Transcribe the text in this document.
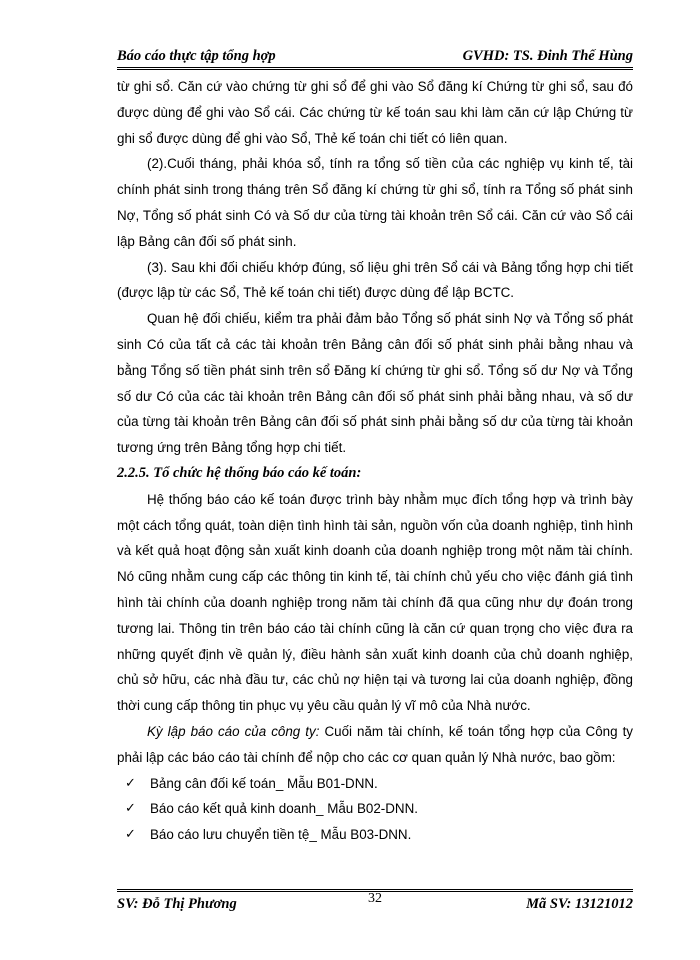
Báo cáo thực tập tổng hợp	GVHD: TS. Đinh Thế Hùng

từ ghi sổ. Căn cứ vào chứng từ ghi sổ để ghi vào Sổ đăng kí Chứng từ ghi sổ, sau đó được dùng để ghi vào Sổ cái. Các chứng từ kế toán sau khi làm căn cứ lập Chứng từ ghi sổ được dùng để ghi vào Sổ, Thẻ kế toán chi tiết có liên quan.

(2).Cuối tháng, phải khóa sổ, tính ra tổng số tiền của các nghiệp vụ kinh tế, tài chính phát sinh trong tháng trên Sổ đăng kí chứng từ ghi sổ, tính ra Tổng số phát sinh Nợ, Tổng số phát sinh Có và Số dư của từng tài khoản trên Sổ cái. Căn cứ vào Sổ cái lập Bảng cân đối số phát sinh.

(3). Sau khi đối chiếu khớp đúng, số liệu ghi trên Sổ cái và Bảng tổng hợp chi tiết (được lập từ các Sổ, Thẻ kế toán chi tiết) được dùng để lập BCTC.

Quan hệ đối chiếu, kiểm tra phải đảm bảo Tổng số phát sinh Nợ và Tổng số phát sinh Có của tất cả các tài khoản trên Bảng cân đối số phát sinh phải bằng nhau và bằng Tổng số tiền phát sinh trên sổ Đăng kí chứng từ ghi sổ. Tổng số dư Nợ và Tổng số dư Có của các tài khoản trên Bảng cân đối số phát sinh phải bằng nhau, và số dư của từng tài khoản trên Bảng cân đối số phát sinh phải bằng số dư của từng tài khoản tương ứng trên Bảng tổng hợp chi tiết.

2.2.5. Tổ chức hệ thống báo cáo kế toán:

Hệ thống báo cáo kế toán được trình bày nhằm mục đích tổng hợp và trình bày một cách tổng quát, toàn diện tình hình tài sản, nguồn vốn của doanh nghiệp, tình hình và kết quả hoạt động sản xuất kinh doanh của doanh nghiệp trong một năm tài chính. Nó cũng nhằm cung cấp các thông tin kinh tế, tài chính chủ yếu cho việc đánh giá tình hình tài chính của doanh nghiệp trong năm tài chính đã qua cũng như dự đoán trong tương lai. Thông tin trên báo cáo tài chính cũng là căn cứ quan trọng cho việc đưa ra những quyết định về quản lý, điều hành sản xuất kinh doanh của chủ doanh nghiệp, chủ sở hữu, các nhà đầu tư, các chủ nợ hiện tại và tương lai của doanh nghiệp, đồng thời cung cấp thông tin phục vụ yêu cầu quản lý vĩ mô của Nhà nước.

Kỳ lập báo cáo của công ty: Cuối năm tài chính, kế toán tổng hợp của Công ty phải lập các báo cáo tài chính để nộp cho các cơ quan quản lý Nhà nước, bao gồm:

✓ Bảng cân đối kế toán_ Mẫu B01-DNN.
✓ Báo cáo kết quả kinh doanh_ Mẫu B02-DNN.
✓ Báo cáo lưu chuyển tiền tệ_ Mẫu B03-DNN.
SV: Đỗ Thị Phương	32	Mã SV: 13121012
